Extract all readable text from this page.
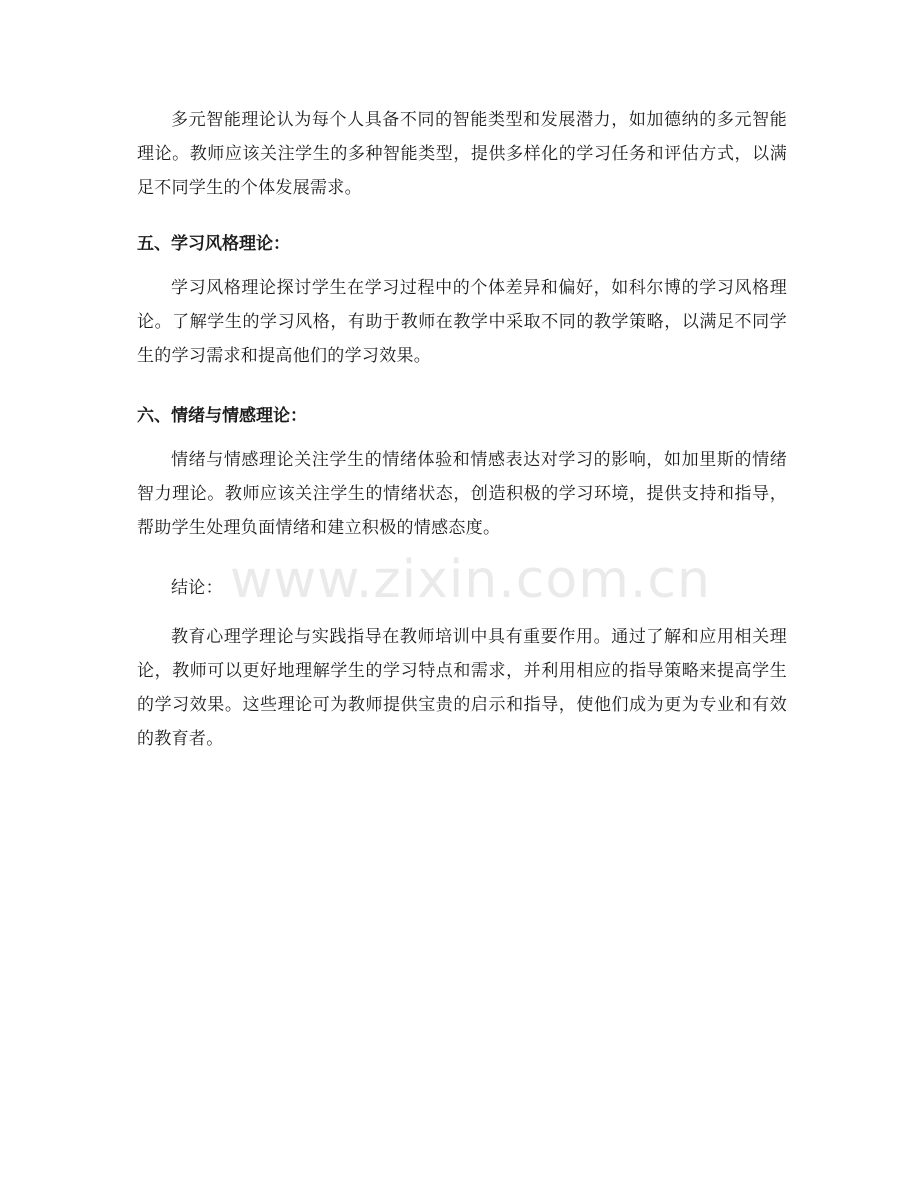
多元智能理论认为每个人具备不同的智能类型和发展潜力，如加德纳的多元智能理论。教师应该关注学生的多种智能类型，提供多样化的学习任务和评估方式，以满足不同学生的个体发展需求。

五、学习风格理论：

学习风格理论探讨学生在学习过程中的个体差异和偏好，如科尔博的学习风格理论。了解学生的学习风格，有助于教师在教学中采取不同的教学策略，以满足不同学生的学习需求和提高他们的学习效果。

六、情绪与情感理论：

情绪与情感理论关注学生的情绪体验和情感表达对学习的影响，如加里斯的情绪智力理论。教师应该关注学生的情绪状态，创造积极的学习环境，提供支持和指导，帮助学生处理负面情绪和建立积极的情感态度。

结论：

教育心理学理论与实践指导在教师培训中具有重要作用。通过了解和应用相关理论，教师可以更好地理解学生的学习特点和需求，并利用相应的指导策略来提高学生的学习效果。这些理论可为教师提供宝贵的启示和指导，使他们成为更为专业和有效的教育者。

www.zixin.com.cn
